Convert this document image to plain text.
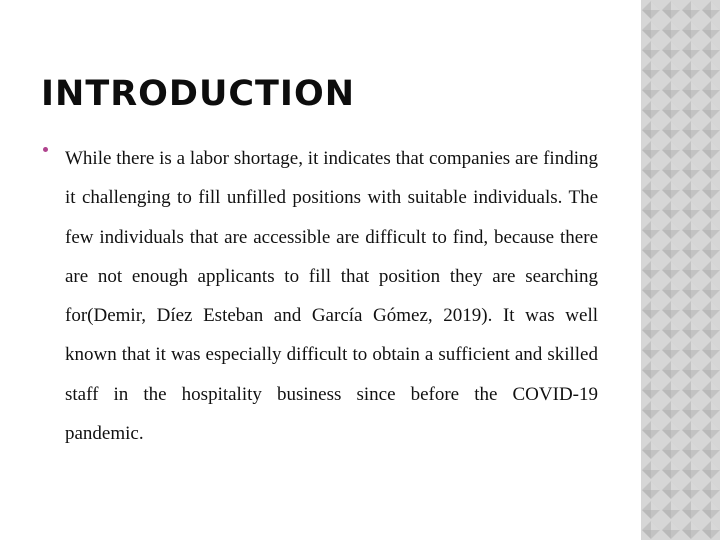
INTRODUCTION
While there is a labor shortage, it indicates that companies are finding it challenging to fill unfilled positions with suitable individuals. The few individuals that are accessible are difficult to find, because there are not enough applicants to fill that position they are searching for(Demir, Díez Esteban and García Gómez, 2019). It was well known that it was especially difficult to obtain a sufficient and skilled staff in the hospitality business since before the COVID-19 pandemic.
